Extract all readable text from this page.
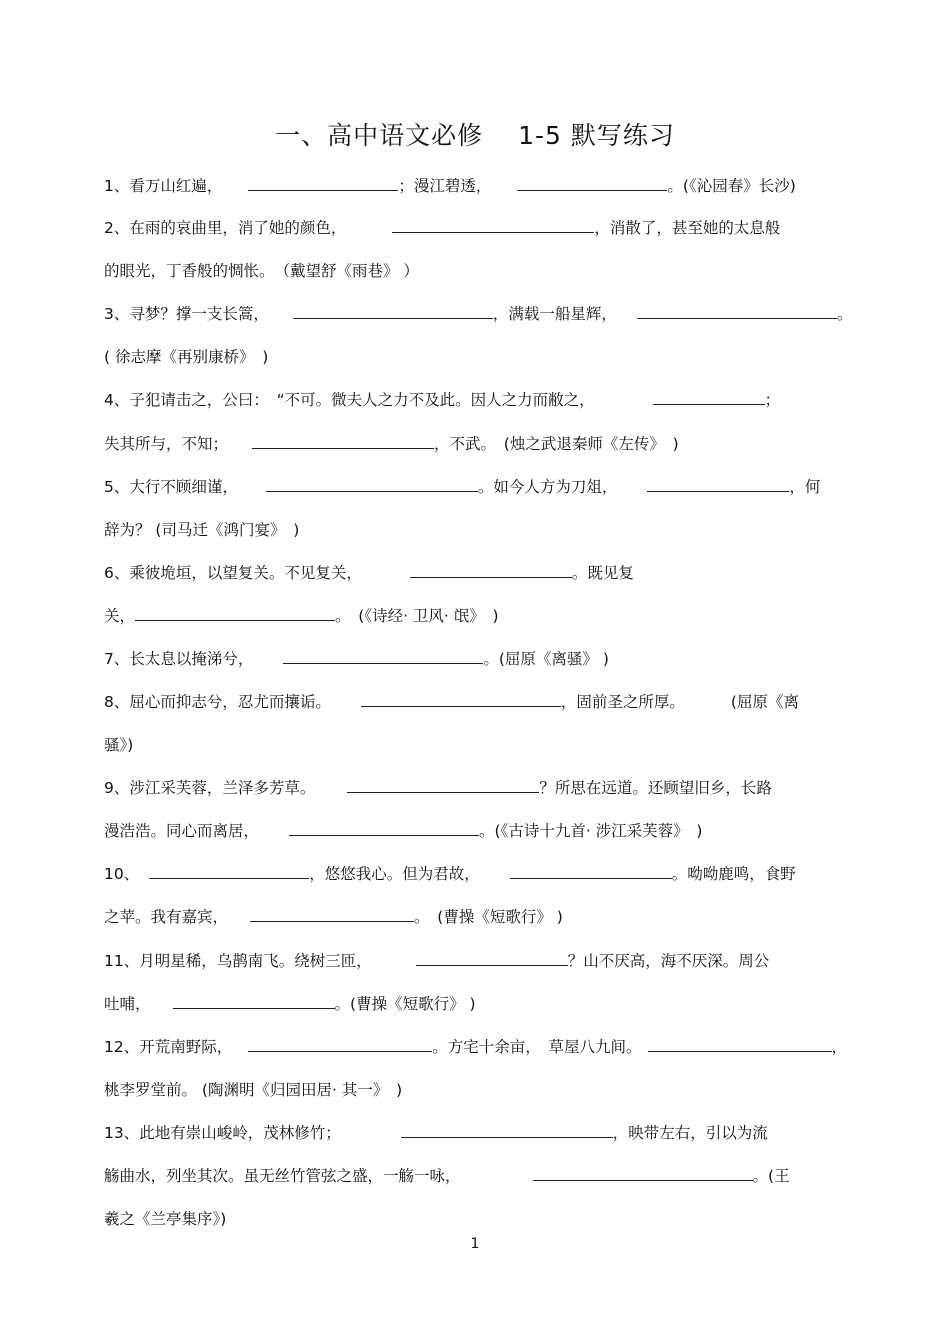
一、高中语文必修　 1-5 默写练习
1、看万山红遍，	；漫江碧透，	。(《沁园春》长沙)
2、在雨的哀曲里，消了她的颜色，	，消散了，甚至她的太息般
的眼光，丁香般的惆怅。　（戴望舒《雨巷》 ）
3、寻梦？撑一支长篙，	，满载一船星辉，	。
( 徐志摩《再别康桥》　)
4、子犯请击之，公曰：　“不可。微夫人之力不及此。因人之力而敝之，	；
失其所与，不知；	，不武。　(烛之武退秦师《左传》　)
5、大行不顾细谨，	。如今人方为刀俎，	，何
辞为？ (司马迁《鸿门宴》　)
6、乘彼垝垣，以望复关。不见复关，	。既见复
关，	。　(《诗经· 卫风· 氓》　)
7、长太息以掩涕兮，	。(屈原《离骚》 )
8、屈心而抑志兮，忍尤而攘诟。	，固前圣之所厚。	(屈原《离
骚》)
9、涉江采芙蓉，兰泽多芳草。	？所思在远道。还顾望旧乡，长路
漫浩浩。同心而离居，	。(《古诗十九首· 涉江采芙蓉》　)
10、	，悠悠我心。但为君故，	。呦呦鹿鸣，食野
之苹。我有嘉宾，	。　(曹操《短歌行》 )
11、月明星稀，乌鹊南飞。绕树三匝，	？山不厌高，海不厌深。周公
吐哺，	。(曹操《短歌行》 )
12、开荒南野际，	。方宅十余亩，　草屋八九间。	，
桃李罗堂前。 (陶渊明《归园田居· 其一》　)
13、此地有崇山峻岭，茂林修竹；	，映带左右，引以为流
觞曲水，列坐其次。虽无丝竹管弦之盛，一觞一咏，	。(王
羲之《兰亭集序》)
1
